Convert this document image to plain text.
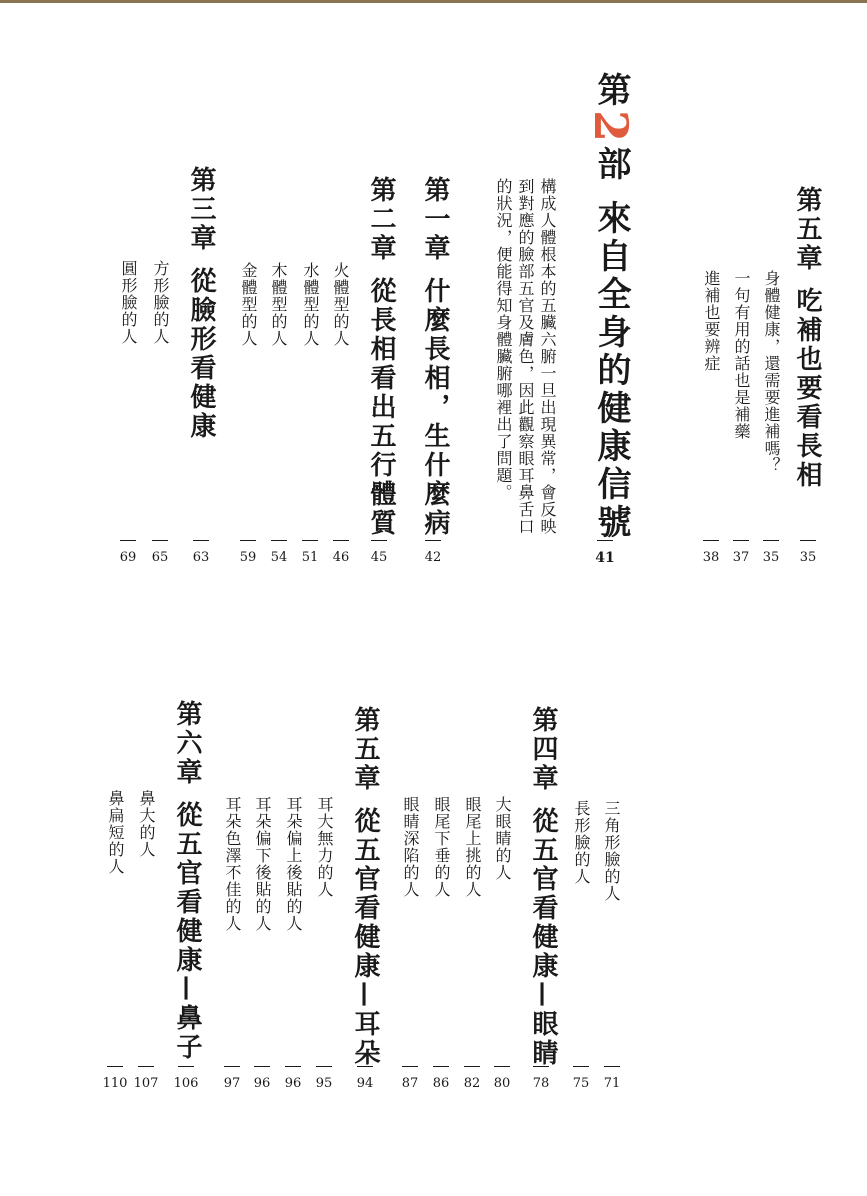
第五章吃補也要看長相
35
身體健康，還需要進補嗎？
35
一句有用的話也是補藥
37
進補也要辨症
38
第2部來自全身的健康信號
41
構成人體根本的五臟六腑一旦出現異常，會反映
到對應的臉部五官及膚色，因此觀察眼耳鼻舌口
的狀況，便能得知身體臟腑哪裡出了問題。
第一章什麼長相，生什麼病
42
第二章從長相看出五行體質
45
火體型的人
46
水體型的人
51
木體型的人
54
金體型的人
59
第三章從臉形看健康
63
方形臉的人
65
圓形臉的人
69
三角形臉的人
71
長形臉的人
75
第四章從五官看健康—眼睛
78
大眼睛的人
80
眼尾上挑的人
82
眼尾下垂的人
86
眼睛深陷的人
87
第五章從五官看健康—耳朵
94
耳大無力的人
95
耳朵偏上後貼的人
96
耳朵偏下後貼的人
96
耳朵色澤不佳的人
97
第六章從五官看健康—鼻子
106
鼻大的人
107
鼻扁短的人
110
